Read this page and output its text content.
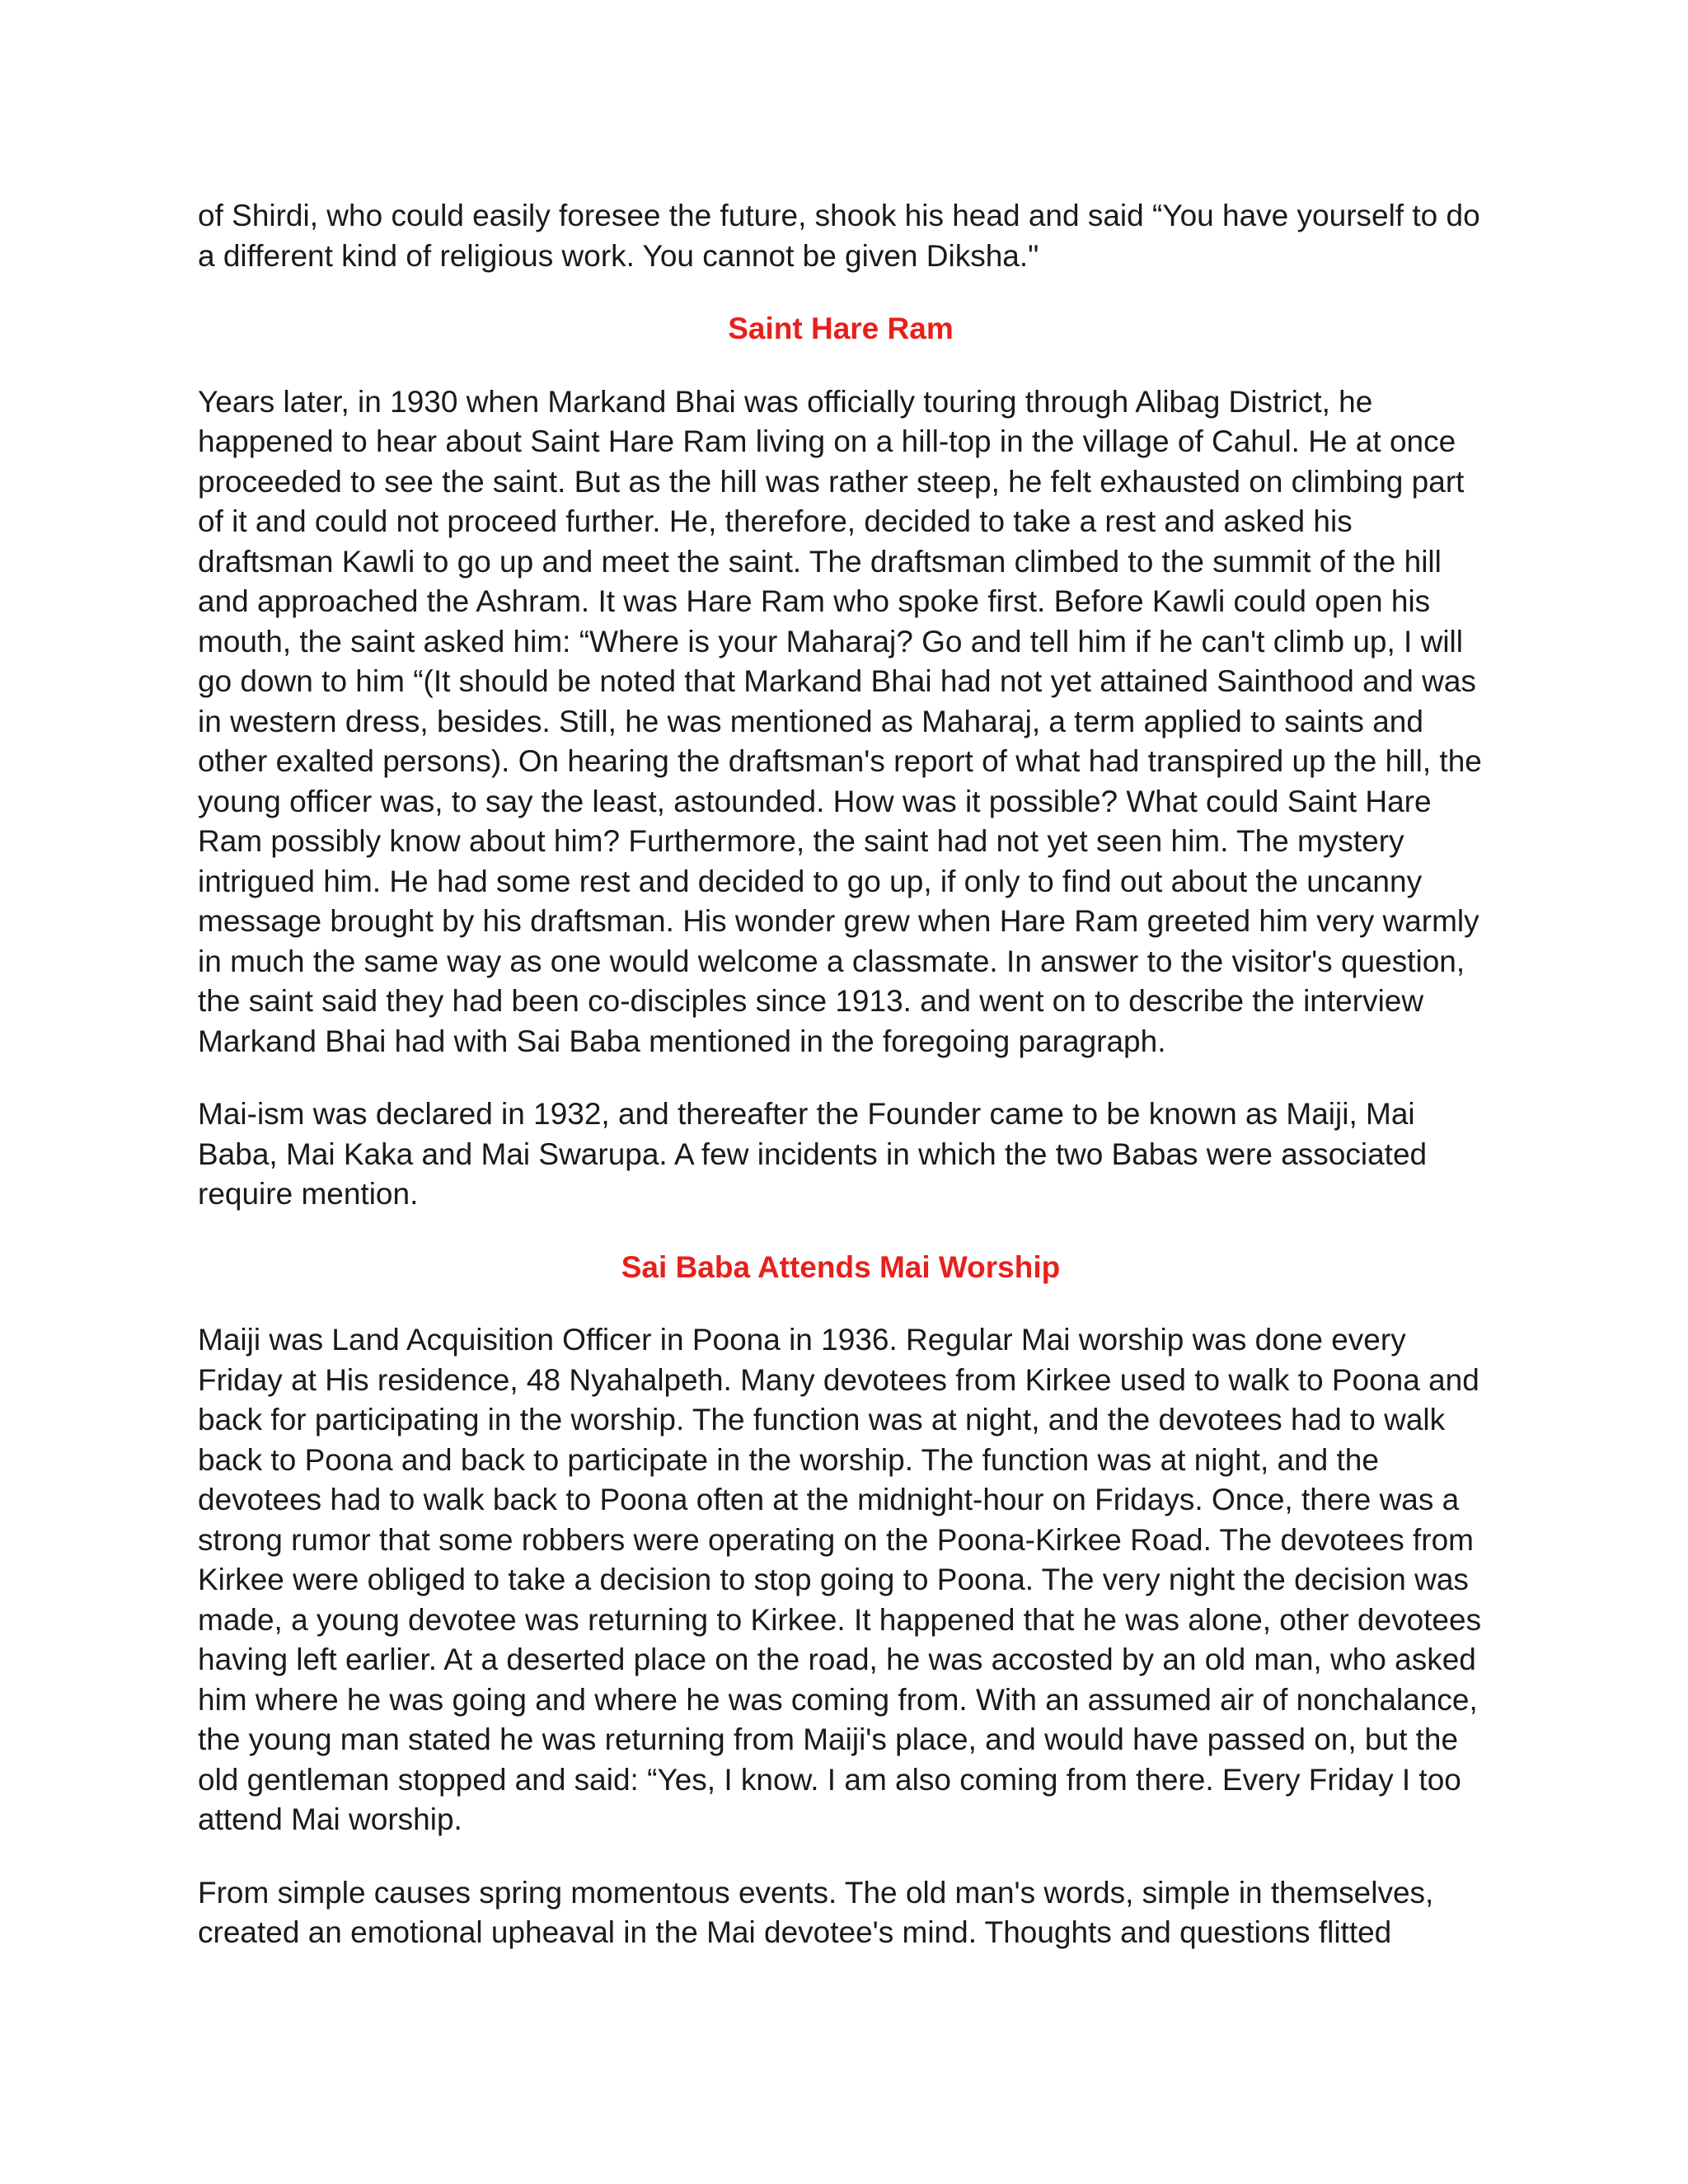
of Shirdi, who could easily foresee the future, shook his head and said “You have yourself to do a different kind of religious work. You cannot be given Diksha."

Saint Hare Ram

Years later, in 1930 when Markand Bhai was officially touring through Alibag District, he happened to hear about Saint Hare Ram living on a hill-top in the village of Cahul. He at once proceeded to see the saint. But as the hill was rather steep, he felt exhausted on climbing part of it and could not proceed further. He, therefore, decided to take a rest and asked his draftsman Kawli to go up and meet the saint. The draftsman climbed to the summit of the hill and approached the Ashram. It was Hare Ram who spoke first. Before Kawli could open his mouth, the saint asked him: “Where is your Maharaj? Go and tell him if he can't climb up, I will go down to him “(It should be noted that Markand Bhai had not yet attained Sainthood and was in western dress, besides. Still, he was mentioned as Maharaj, a term applied to saints and other exalted persons). On hearing the draftsman's report of what had transpired up the hill, the young officer was, to say the least, astounded. How was it possible? What could Saint Hare Ram possibly know about him? Furthermore, the saint had not yet seen him. The mystery intrigued him. He had some rest and decided to go up, if only to find out about the uncanny message brought by his draftsman. His wonder grew when Hare Ram greeted him very warmly in much the same way as one would welcome a classmate. In answer to the visitor's question, the saint said they had been co-disciples since 1913. and went on to describe the interview Markand Bhai had with Sai Baba mentioned in the foregoing paragraph.

Mai-ism was declared in 1932, and thereafter the Founder came to be known as Maiji, Mai Baba, Mai Kaka and Mai Swarupa. A few incidents in which the two Babas were associated require mention.

Sai Baba Attends Mai Worship

Maiji was Land Acquisition Officer in Poona in 1936. Regular Mai worship was done every Friday at His residence, 48 Nyahalpeth. Many devotees from Kirkee used to walk to Poona and back for participating in the worship. The function was at night, and the devotees had to walk back to Poona and back to participate in the worship. The function was at night, and the devotees had to walk back to Poona often at the midnight-hour on Fridays. Once, there was a strong rumor that some robbers were operating on the Poona-Kirkee Road. The devotees from Kirkee were obliged to take a decision to stop going to Poona. The very night the decision was made, a young devotee was returning to Kirkee. It happened that he was alone, other devotees having left earlier. At a deserted place on the road, he was accosted by an old man, who asked him where he was going and where he was coming from. With an assumed air of nonchalance, the young man stated he was returning from Maiji's place, and would have passed on, but the old gentleman stopped and said: “Yes, I know. I am also coming from there. Every Friday I too attend Mai worship.

From simple causes spring momentous events. The old man's words, simple in themselves, created an emotional upheaval in the Mai devotee's mind. Thoughts and questions flitted
